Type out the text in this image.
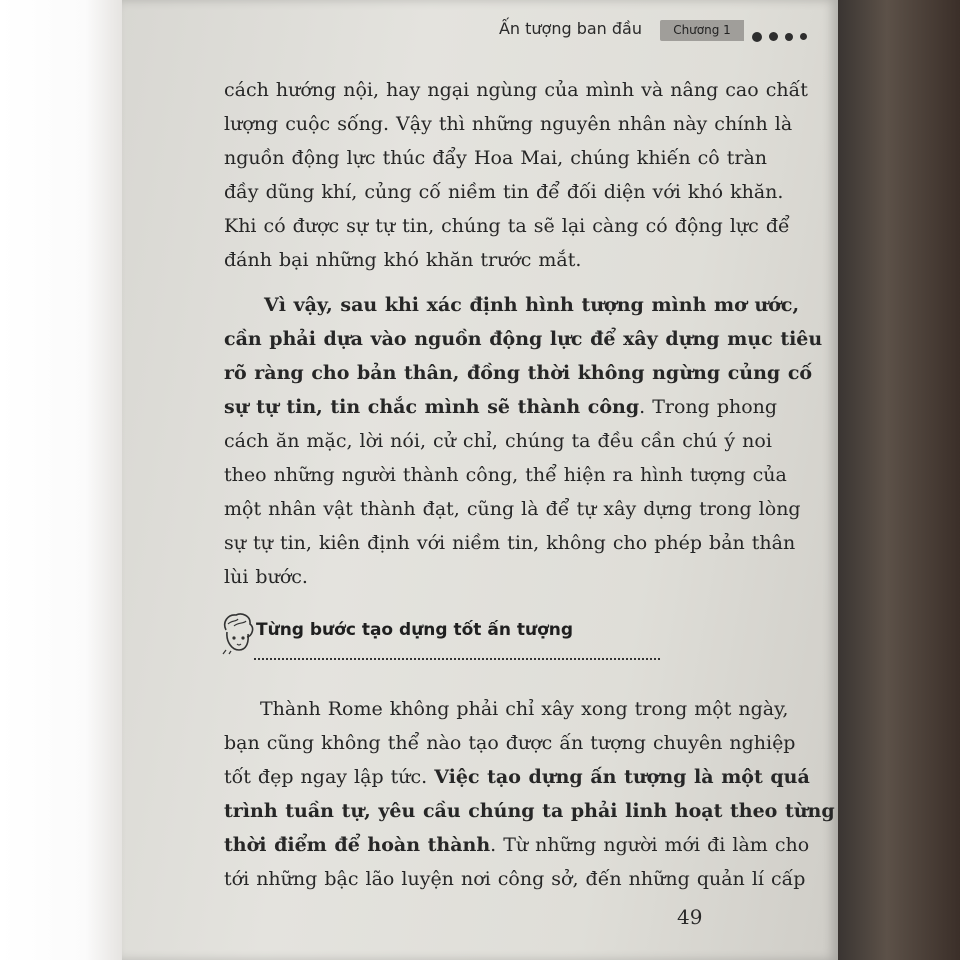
Ấn tượng ban đầu	Chương 1
cách hướng nội, hay ngại ngùng của mình và nâng cao chất
lượng cuộc sống. Vậy thì những nguyên nhân này chính là
nguồn động lực thúc đẩy Hoa Mai, chúng khiến cô tràn
đầy dũng khí, củng cố niềm tin để đối diện với khó khăn.
Khi có được sự tự tin, chúng ta sẽ lại càng có động lực để
đánh bại những khó khăn trước mắt.
Vì vậy, sau khi xác định hình tượng mình mơ ước,
cần phải dựa vào nguồn động lực để xây dựng mục tiêu
rõ ràng cho bản thân, đồng thời không ngừng củng cố
sự tự tin, tin chắc mình sẽ thành công. Trong phong
cách ăn mặc, lời nói, cử chỉ, chúng ta đều cần chú ý noi
theo những người thành công, thể hiện ra hình tượng của
một nhân vật thành đạt, cũng là để tự xây dựng trong lòng
sự tự tin, kiên định với niềm tin, không cho phép bản thân
lùi bước.
Từng bước tạo dựng tốt ấn tượng
Thành Rome không phải chỉ xây xong trong một ngày,
bạn cũng không thể nào tạo được ấn tượng chuyên nghiệp
tốt đẹp ngay lập tức. Việc tạo dựng ấn tượng là một quá
trình tuần tự, yêu cầu chúng ta phải linh hoạt theo từng
thời điểm để hoàn thành. Từ những người mới đi làm cho
tới những bậc lão luyện nơi công sở, đến những quản lí cấp
49
